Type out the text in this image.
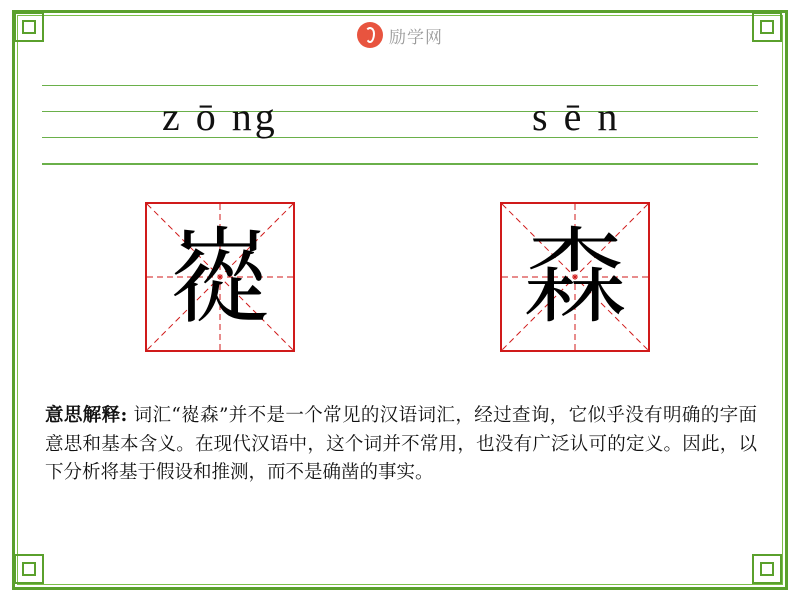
励学网
z ō ng	s ē n
嵸 森
意思解释: 词汇“嵸森”并不是一个常见的汉语词汇，经过查询，它似乎没有明确的字面意思和基本含义。在现代汉语中，这个词并不常用，也没有广泛认可的定义。因此，以下分析将基于假设和推测，而不是确凿的事实。
